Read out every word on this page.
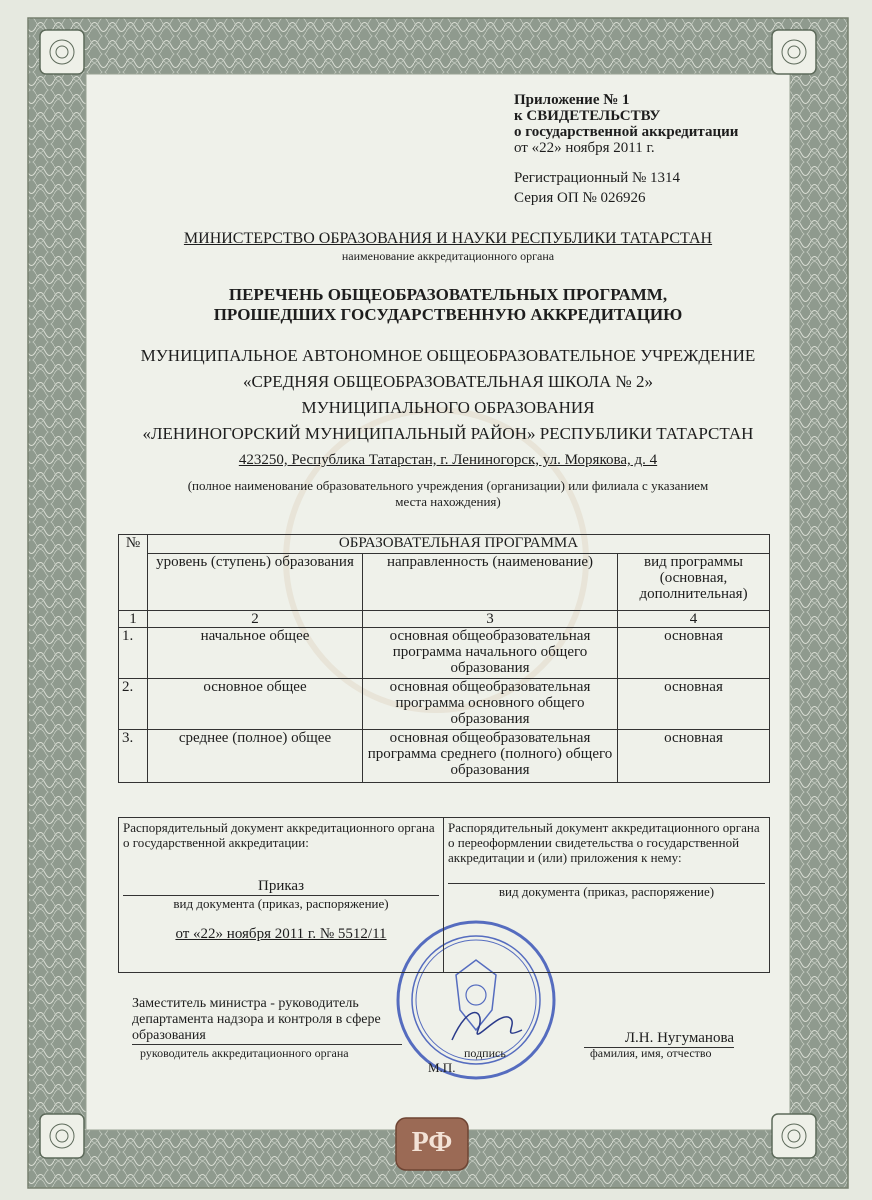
Приложение № 1
к СВИДЕТЕЛЬСТВУ
о государственной аккредитации
от «22» ноября 2011 г.
Регистрационный № 1314
Серия ОП № 026926
МИНИСТЕРСТВО ОБРАЗОВАНИЯ И НАУКИ РЕСПУБЛИКИ ТАТАРСТАН
наименование аккредитационного органа
ПЕРЕЧЕНЬ ОБЩЕОБРАЗОВАТЕЛЬНЫХ ПРОГРАММ,
ПРОШЕДШИХ ГОСУДАРСТВЕННУЮ АККРЕДИТАЦИЮ
МУНИЦИПАЛЬНОЕ АВТОНОМНОЕ ОБЩЕОБРАЗОВАТЕЛЬНОЕ УЧРЕЖДЕНИЕ
«СРЕДНЯЯ ОБЩЕОБРАЗОВАТЕЛЬНАЯ ШКОЛА № 2»
МУНИЦИПАЛЬНОГО ОБРАЗОВАНИЯ
«ЛЕНИНОГОРСКИЙ МУНИЦИПАЛЬНЫЙ РАЙОН» РЕСПУБЛИКИ ТАТАРСТАН
423250, Республика Татарстан, г. Лениногорск, ул. Морякова, д. 4
(полное наименование образовательного учреждения (организации) или филиала с указанием
места нахождения)
№	ОБРАЗОВАТЕЛЬНАЯ ПРОГРАММА		
	уровень (ступень) образования	направленность (наименование)	вид программы (основная, дополнительная)
1	2	3	4
1.	начальное общее	основная общеобразовательная программа начального общего образования	основная
2.	основное общее	основная общеобразовательная программа основного общего образования	основная
3.	среднее (полное) общее	основная общеобразовательная программа среднего (полного) общего образования	основная
Распорядительный документ аккредитационного органа о государственной аккредитации:
Приказ
вид документа (приказ, распоряжение)
от «22» ноября 2011 г. № 5512/11

Распорядительный документ аккредитационного органа о переоформлении свидетельства о государственной аккредитации и (или) приложения к нему:
вид документа (приказ, распоряжение)
Заместитель министра - руководитель
департамента надзора и контроля в сфере
образования
руководитель аккредитационного органа	подпись
Л.Н. Нугуманова
фамилия, имя, отчество
М.П.
РФ
